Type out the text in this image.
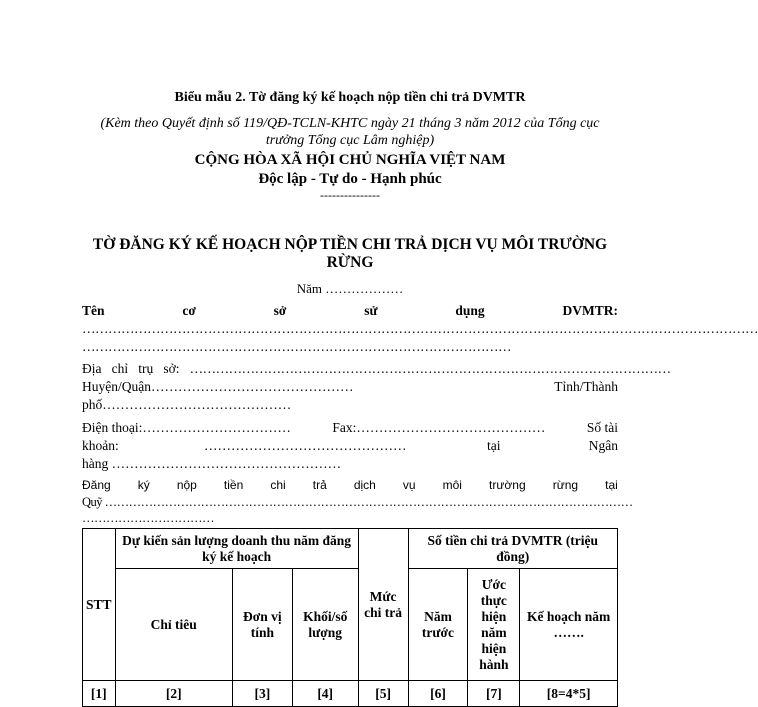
Biểu mẫu 2. Tờ đăng ký kế hoạch nộp tiền chi trả DVMTR
(Kèm theo Quyết định số 119/QĐ-TCLN-KHTC ngày 21 tháng 3 năm 2012 của Tổng cục trưởng Tổng cục Lâm nghiệp)
CỘNG HÒA XÃ HỘI CHỦ NGHĨA VIỆT NAM
Độc lập - Tự do - Hạnh phúc
---------------
TỜ ĐĂNG KÝ KẾ HOẠCH NỘP TIỀN CHI TRẢ DỊCH VỤ MÔI TRƯỜNG RỪNG
Năm ………………
Tên	cơ	sở	sử	dụng	DVMTR:
…………………………………………………………………………………………………………………………………………
………………………………………………………………………………………
Địa chỉ trụ sở: …………………………………………………………………………………………………
Huyện/Quận………………………………………	Tỉnh/Thành
phố……………………………………
Điện thoại:……………………………	Fax:……………………………………	Số tài
khoản:	………………………………………	tại	Ngân
hàng ……………………………………………
Đăng ký nộp tiền chi trả dịch vụ môi trường rừng tại
Quỹ ……………………………………………………………………………………………………………………
……………………………
STT	Dự kiến sản lượng doanh thu năm đăng ký kế hoạch			Mức chi trả	Số tiền chi trả DVMTR (triệu đồng)		
	Chỉ tiêu	Đơn vị tính	Khối/số lượng		Năm trước	Ước thực hiện năm hiện hành	Kế hoạch năm …….
[1]	[2]	[3]	[4]	[5]	[6]	[7]	[8=4*5]
